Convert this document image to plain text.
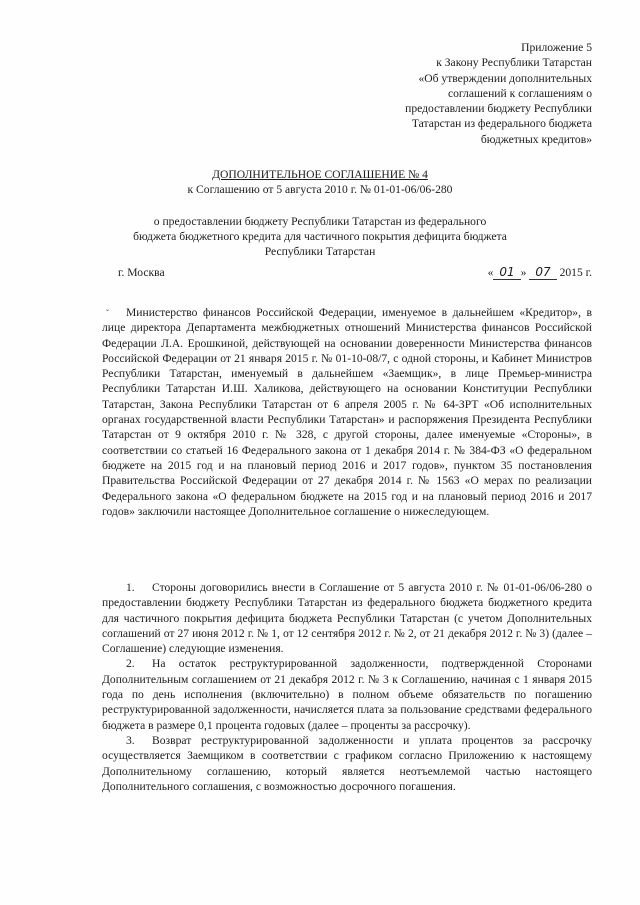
Приложение 5
к Закону Республики Татарстан
«Об утверждении дополнительных
соглашений к соглашениям о
предоставлении бюджету Республики
Татарстан из федерального бюджета
бюджетных кредитов»
ДОПОЛНИТЕЛЬНОЕ СОГЛАШЕНИЕ № 4
к Соглашению от 5 августа 2010 г. № 01-01-06/06-280
о предоставлении бюджету Республики Татарстан из федерального
бюджета бюджетного кредита для частичного покрытия дефицита бюджета
Республики Татарстан
г. Москва	« 01 » 07 2015 г.
ˇ	Министерство финансов Российской Федерации, именуемое в дальнейшем «Кредитор», в лице директора Департамента межбюджетных отношений Министерства финансов Российской Федерации Л.А. Ерошкиной, действующей на основании доверенности Министерства финансов Российской Федерации от 21 января 2015 г. № 01-10-08/7, с одной стороны, и Кабинет Министров Республики Татарстан, именуемый в дальнейшем «Заемщик», в лице Премьер-министра Республики Татарстан И.Ш. Халикова, действующего на основании Конституции Республики Татарстан, Закона Республики Татарстан от 6 апреля 2005 г. № 64-ЗРТ «Об исполнительных органах государственной власти Республики Татарстан» и распоряжения Президента Республики Татарстан от 9 октября 2010 г. № 328, с другой стороны, далее именуемые «Стороны», в соответствии со статьей 16 Федерального закона от 1 декабря 2014 г. № 384-ФЗ «О федеральном бюджете на 2015 год и на плановый период 2016 и 2017 годов», пунктом 35 постановления Правительства Российской Федерации от 27 декабря 2014 г. № 1563 «О мерах по реализации Федерального закона «О федеральном бюджете на 2015 год и на плановый период 2016 и 2017 годов» заключили настоящее Дополнительное соглашение о нижеследующем.

1. Стороны договорились внести в Соглашение от 5 августа 2010 г. № 01-01-06/06-280 о предоставлении бюджету Республики Татарстан из федерального бюджета бюджетного кредита для частичного покрытия дефицита бюджета Республики Татарстан (с учетом Дополнительных соглашений от 27 июня 2012 г. № 1, от 12 сентября 2012 г. № 2, от 21 декабря 2012 г. № 3) (далее – Соглашение) следующие изменения.

2. На остаток реструктурированной задолженности, подтвержденной Сторонами Дополнительным соглашением от 21 декабря 2012 г. № 3 к Соглашению, начиная с 1 января 2015 года по день исполнения (включительно) в полном объеме обязательств по погашению реструктурированной задолженности, начисляется плата за пользование средствами федерального бюджета в размере 0,1 процента годовых (далее – проценты за рассрочку).

3. Возврат реструктурированной задолженности и уплата процентов за рассрочку осуществляется Заемщиком в соответствии с графиком согласно Приложению к настоящему Дополнительному соглашению, который является неотъемлемой частью настоящего Дополнительного соглашения, с возможностью досрочного погашения.
